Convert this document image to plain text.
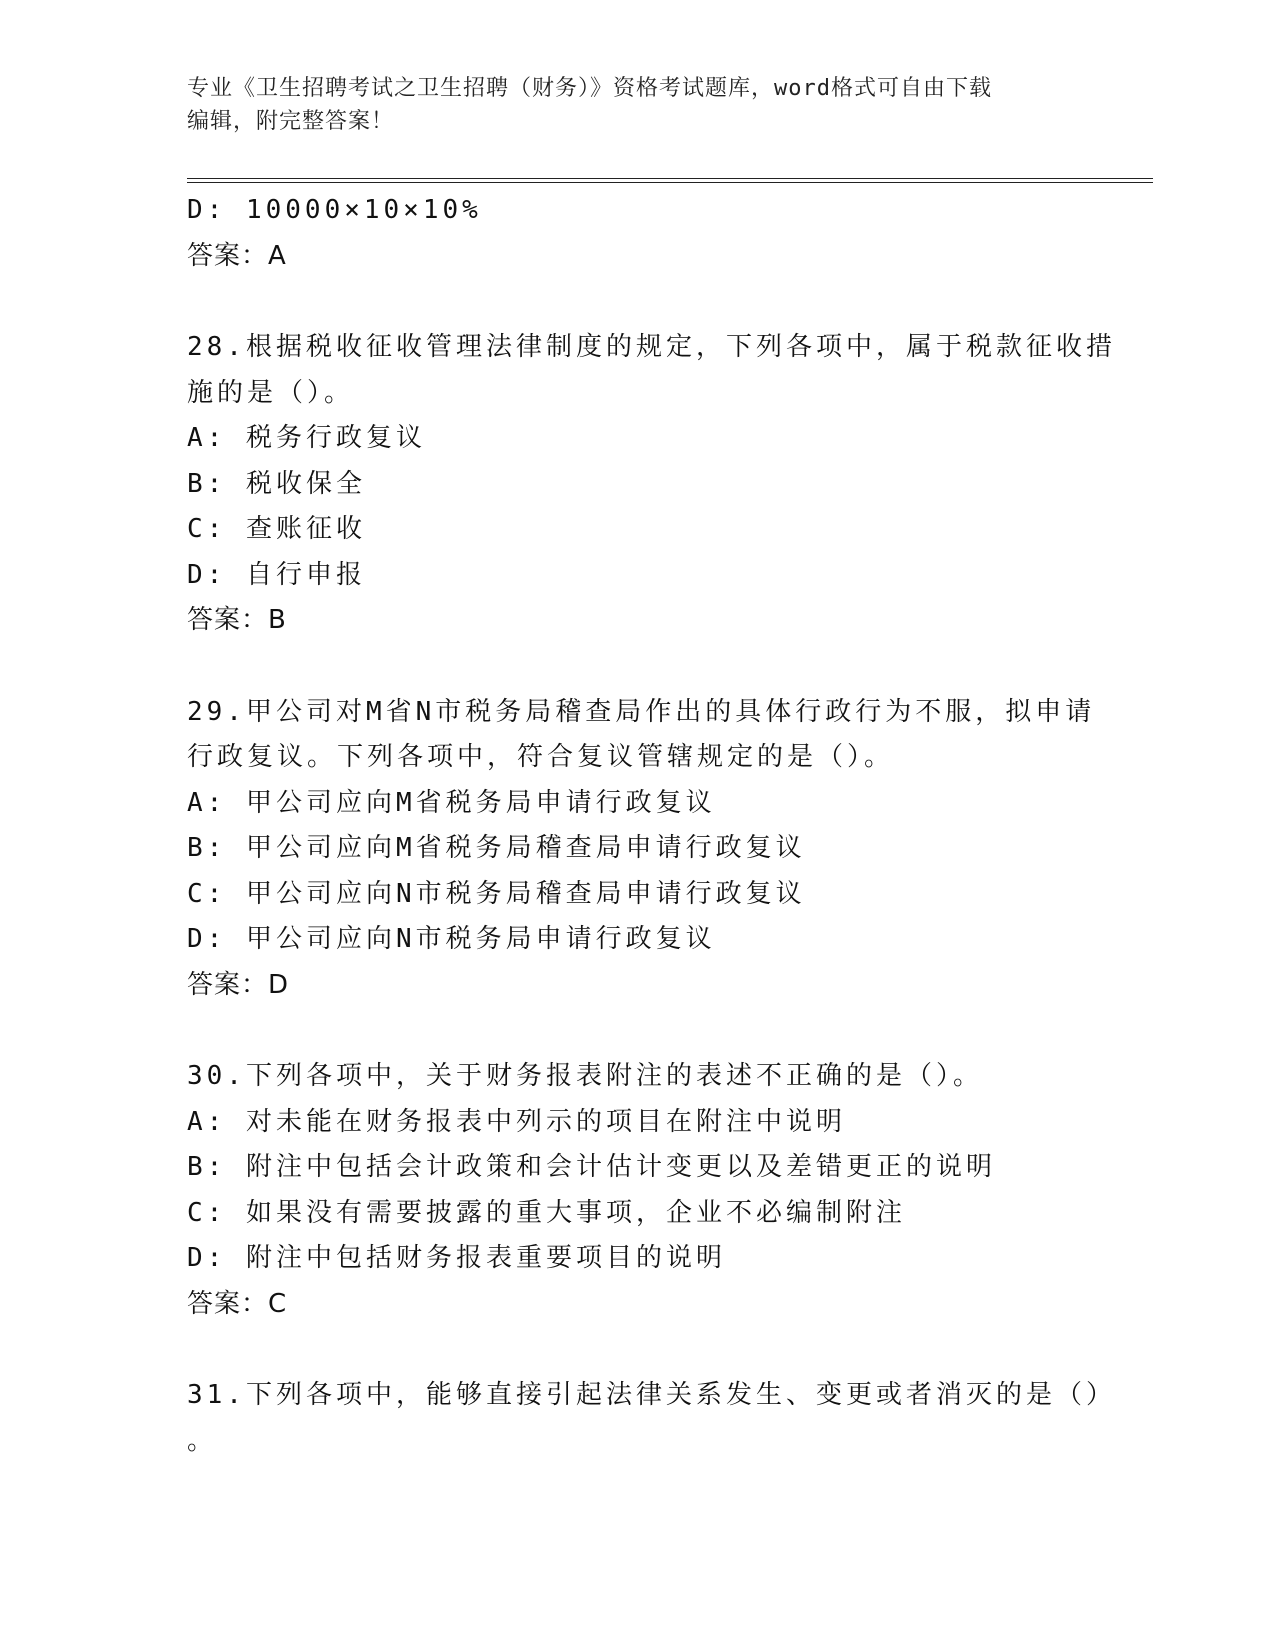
专业《卫生招聘考试之卫生招聘（财务）》资格考试题库，word格式可自由下载
编辑，附完整答案！
D: 10000×10×10%
答案：A
28.根据税收征收管理法律制度的规定，下列各项中，属于税款征收措
施的是（）。
A: 税务行政复议
B: 税收保全
C: 查账征收
D: 自行申报
答案：B
29.甲公司对M省N市税务局稽查局作出的具体行政行为不服，拟申请
行政复议。下列各项中，符合复议管辖规定的是（）。
A: 甲公司应向M省税务局申请行政复议
B: 甲公司应向M省税务局稽查局申请行政复议
C: 甲公司应向N市税务局稽查局申请行政复议
D: 甲公司应向N市税务局申请行政复议
答案：D
30.下列各项中，关于财务报表附注的表述不正确的是（）。
A: 对未能在财务报表中列示的项目在附注中说明
B: 附注中包括会计政策和会计估计变更以及差错更正的说明
C: 如果没有需要披露的重大事项，企业不必编制附注
D: 附注中包括财务报表重要项目的说明
答案：C
31.下列各项中，能够直接引起法律关系发生、变更或者消灭的是（）
。
